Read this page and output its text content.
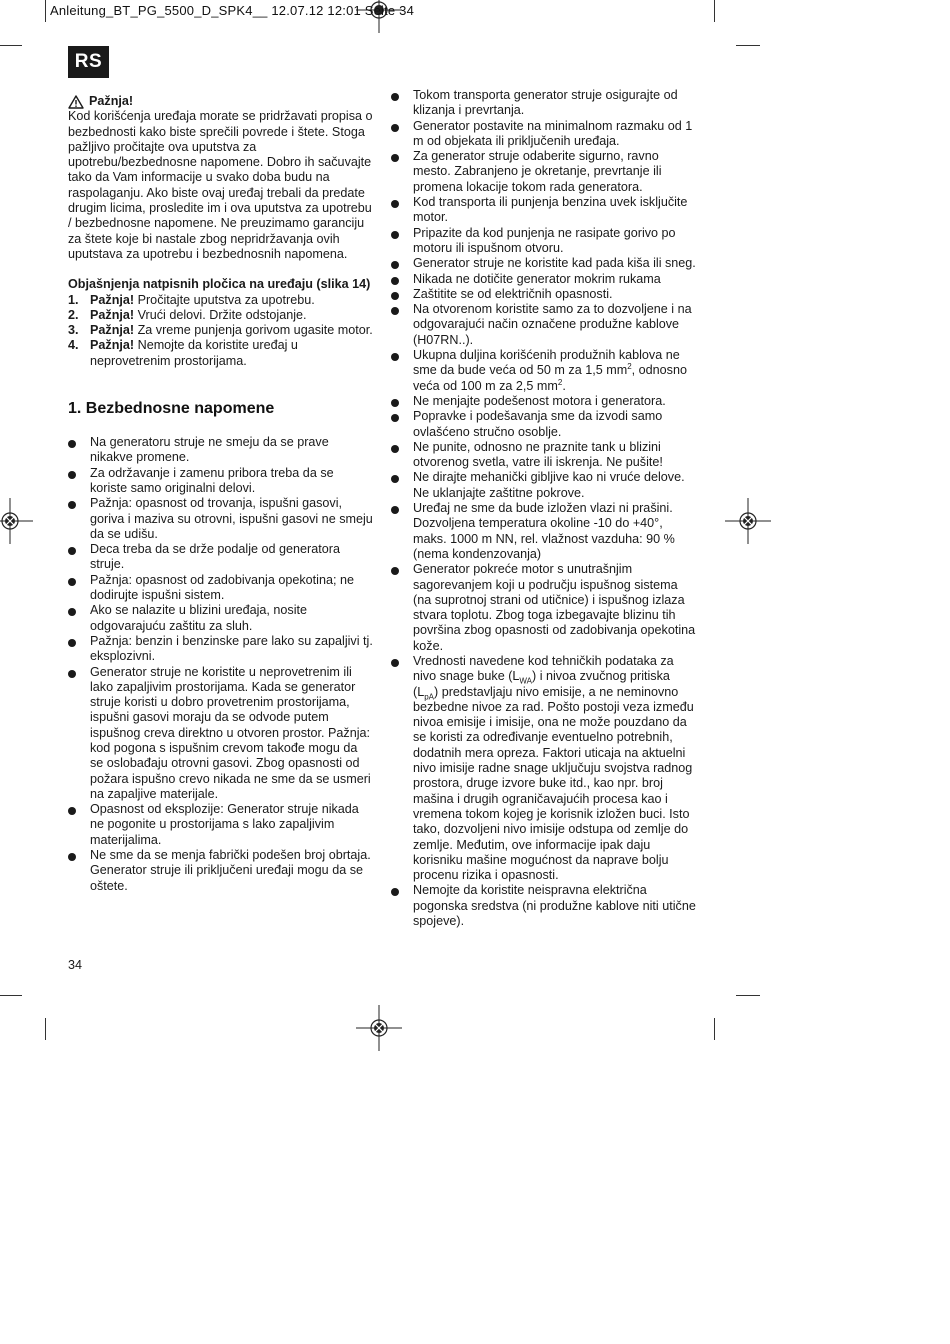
Anleitung_BT_PG_5500_D_SPK4__ 12.07.12 12:01 Seite 34
RS
Pažnja!

Kod korišćenja uređaja morate se pridržavati propisa o bezbednosti kako biste sprečili povrede i štete. Stoga pažljivo pročitajte ova uputstva za upotrebu/bezbednosne napomene. Dobro ih sačuvajte tako da Vam informacije u svako doba budu na raspolaganju. Ako biste ovaj uređaj trebali da predate drugim licima, prosledite im i ova uputstva za upotrebu / bezbednosne napomene. Ne preuzimamo garanciju za štete koje bi nastale zbog nepridržavanja ovih uputstava za upotrebu i bezbednosnih napomena.

Objašnjenja natpisnih pločica na uređaju (slika 14)

1. Pažnja! Pročitajte uputstva za upotrebu.
2. Pažnja! Vrući delovi. Držite odstojanje.
3. Pažnja! Za vreme punjenja gorivom ugasite motor.
4. Pažnja! Nemojte da koristite uređaj u neprovetrenim prostorijama.
1. Bezbednosne napomene
Na generatoru struje ne smeju da se prave nikakve promene.
Za održavanje i zamenu pribora treba da se koriste samo originalni delovi.
Pažnja: opasnost od trovanja, ispušni gasovi, goriva i maziva su otrovni, ispušni gasovi ne smeju da se udišu.
Deca treba da se drže podalje od generatora struje.
Pažnja: opasnost od zadobivanja opekotina; ne dodirujte ispušni sistem.
Ako se nalazite u blizini uređaja, nosite odgovarajuću zaštitu za sluh.
Pažnja: benzin i benzinske pare lako su zapaljivi tj. eksplozivni.
Generator struje ne koristite u neprovetrenim ili lako zapaljivim prostorijama. Kada se generator struje koristi u dobro provetrenim prostorijama, ispušni gasovi moraju da se odvode putem ispušnog creva direktno u otvoren prostor. Pažnja: kod pogona s ispušnim crevom takođe mogu da se oslobađaju otrovni gasovi. Zbog opasnosti od požara ispušno crevo nikada ne sme da se usmeri na zapaljive materijale.
Opasnost od eksplozije: Generator struje nikada ne pogonite u prostorijama s lako zapaljivim materijalima.
Ne sme da se menja fabrički podešen broj obrtaja. Generator struje ili priključeni uređaji mogu da se oštete.
Tokom transporta generator struje osigurajte od klizanja i prevrtanja.
Generator postavite na minimalnom razmaku od 1 m od objekata ili priključenih uređaja.
Za generator struje odaberite sigurno, ravno mesto. Zabranjeno je okretanje, prevrtanje ili promena lokacije tokom rada generatora.
Kod transporta ili punjenja benzina uvek isključite motor.
Pripazite da kod punjenja ne rasipate gorivo po motoru ili ispušnom otvoru.
Generator struje ne koristite kad pada kiša ili sneg.
Nikada ne dotičite generator mokrim rukama
Zaštitite se od električnih opasnosti.
Na otvorenom koristite samo za to dozvoljene i na odgovarajući način označene produžne kablove (H07RN..).
Ukupna duljina korišćenih produžnih kablova ne sme da bude veća od 50 m za 1,5 $mm^2$, odnosno veća od 100 m za 2,5 $mm^2$.
Ne menjajte podešenost motora i generatora.
Popravke i podešavanja sme da izvodi samo ovlašćeno stručno osoblje.
Ne punite, odnosno ne praznite tank u blizini otvorenog svetla, vatre ili iskrenja. Ne pušite!
Ne dirajte mehanički gibljive kao ni vruće delove. Ne uklanjajte zaštitne pokrove.
Uređaj ne sme da bude izložen vlazi ni prašini. Dozvoljena temperatura okoline -10 do +40°, maks. 1000 m NN, rel. vlažnost vazduha: 90 % (nema kondenzovanja)
Generator pokreće motor s unutrašnjim sagorevanjem koji u području ispušnog sistema (na suprotnoj strani od utičnice) i ispušnog izlaza stvara toplotu. Zbog toga izbegavajte blizinu tih površina zbog opasnosti od zadobivanja opekotina kože.
Vrednosti navedene kod tehničkih podataka za nivo snage buke $(L_{WA})$ i nivoa zvučnog pritiska $(L_{pA})$ predstavljaju nivo emisije, a ne neminovno bezbedne nivoe za rad. Pošto postoji veza između nivoa emisije i imisije, ona ne može pouzdano da se koristi za određivanje eventuelno potrebnih, dodatnih mera opreza. Faktori uticaja na aktuelni nivo imisije radne snage uključuju svojstva radnog prostora, druge izvore buke itd., kao npr. broj mašina i drugih ograničavajućih procesa kao i vremena tokom kojeg je korisnik izložen buci. Isto tako, dozvoljeni nivo imisije odstupa od zemlje do zemlje. Međutim, ove informacije ipak daju korisniku mašine mogućnost da naprave bolju procenu rizika i opasnosti.
Nemojte da koristite neispravna električna pogonska sredstva (ni produžne kablove niti utične spojeve).
34
